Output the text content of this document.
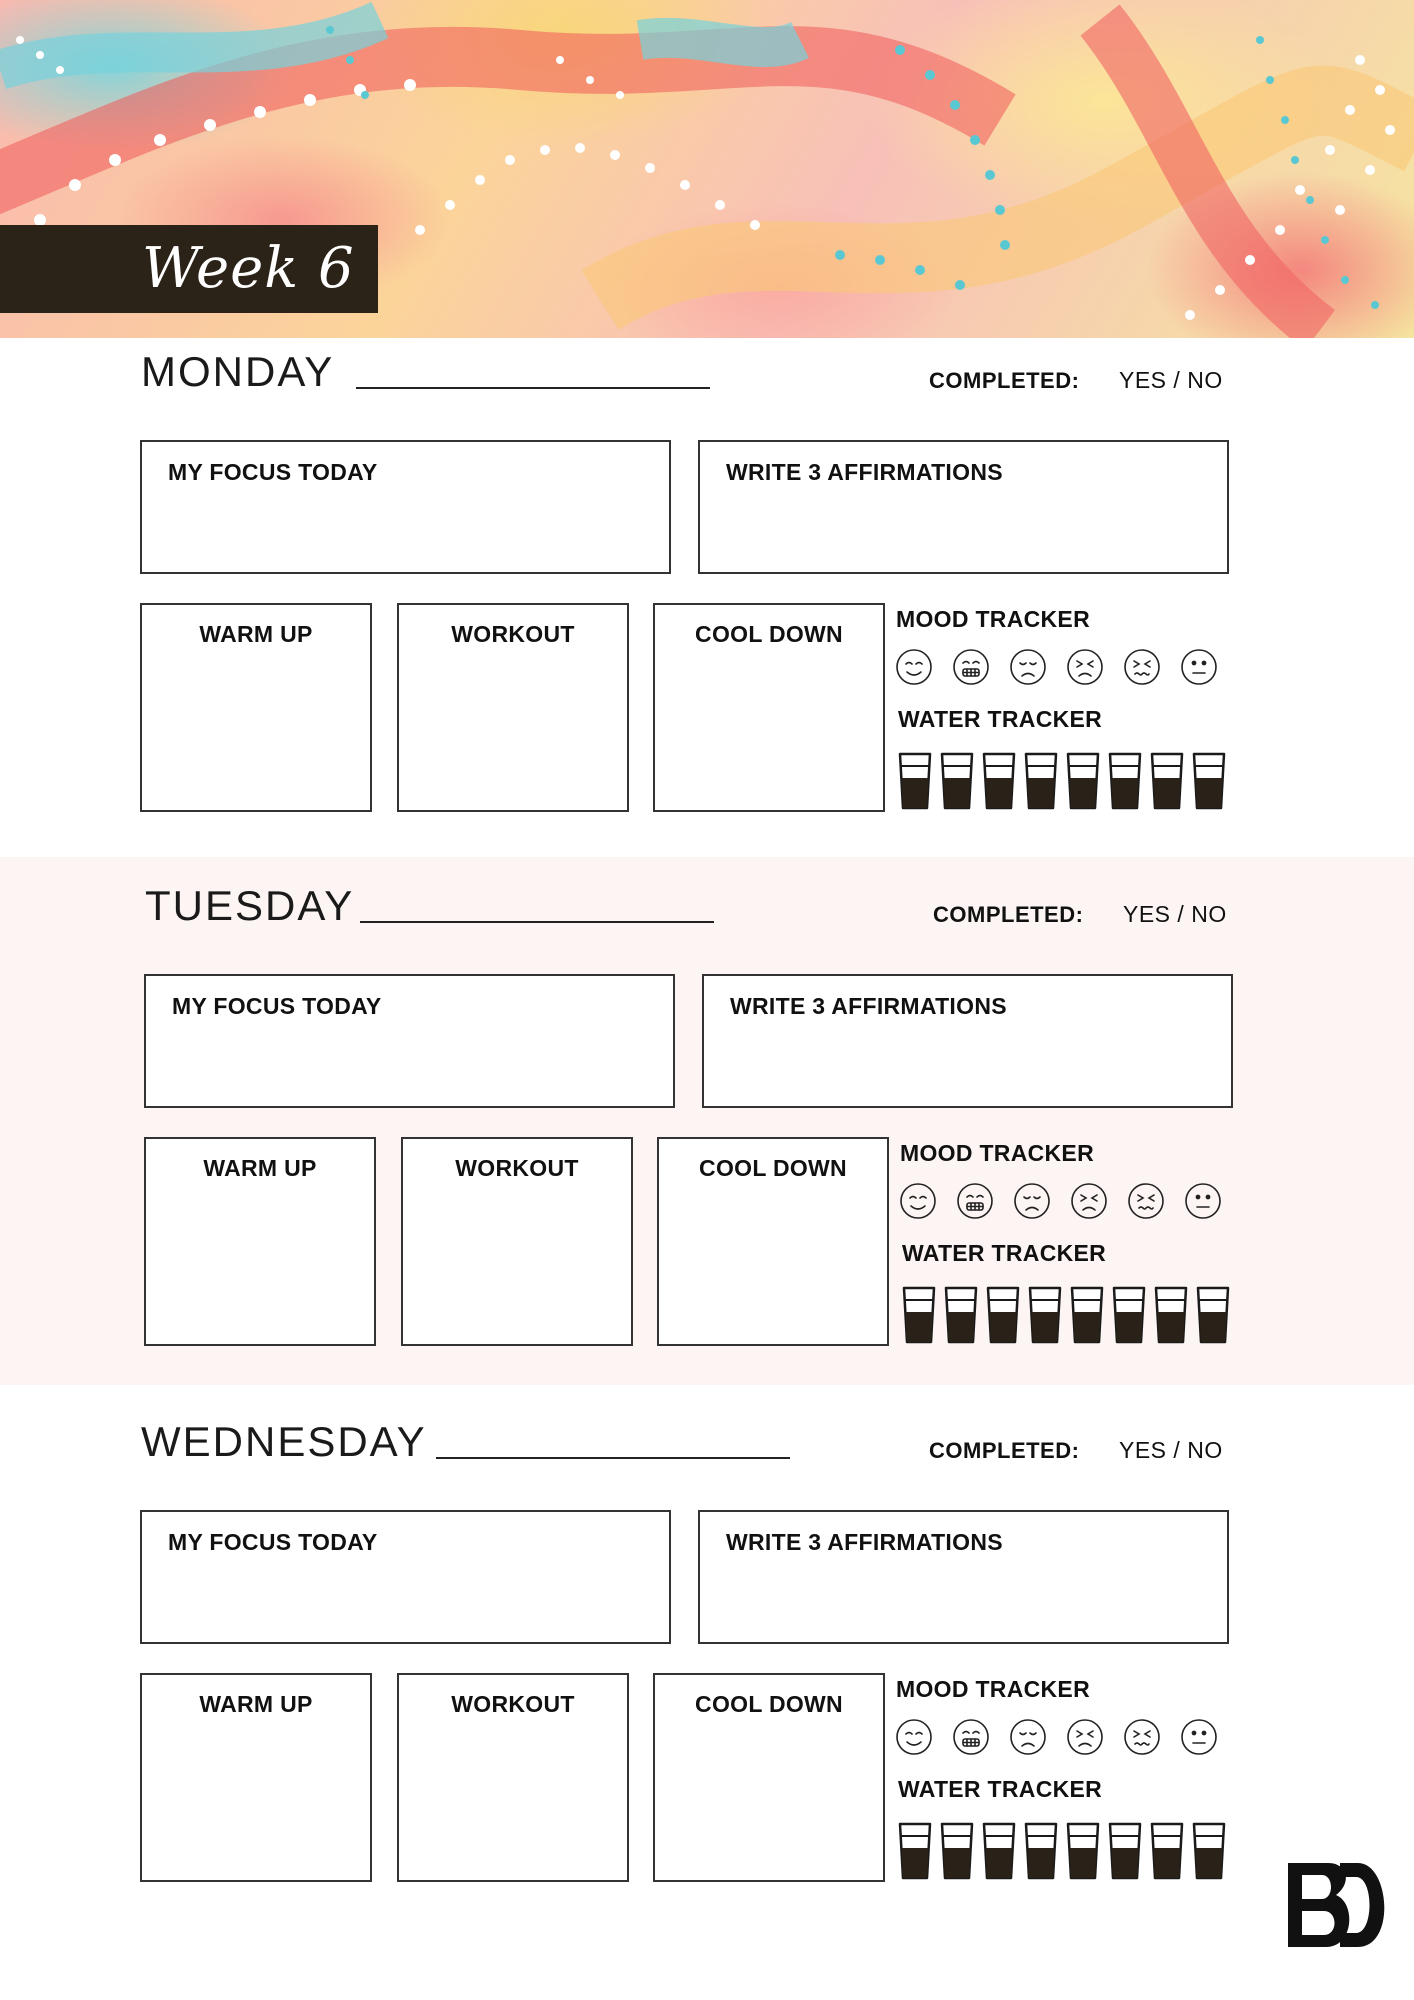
Week 6
MONDAY	COMPLETED: YES / NO
MY FOCUS TODAY	WRITE 3 AFFIRMATIONS
WARM UP	WORKOUT	COOL DOWN
MOOD TRACKER
WATER TRACKER
TUESDAY	COMPLETED: YES / NO
MY FOCUS TODAY	WRITE 3 AFFIRMATIONS
WARM UP	WORKOUT	COOL DOWN
MOOD TRACKER
WATER TRACKER
WEDNESDAY	COMPLETED: YES / NO
MY FOCUS TODAY	WRITE 3 AFFIRMATIONS
WARM UP	WORKOUT	COOL DOWN
MOOD TRACKER
WATER TRACKER
